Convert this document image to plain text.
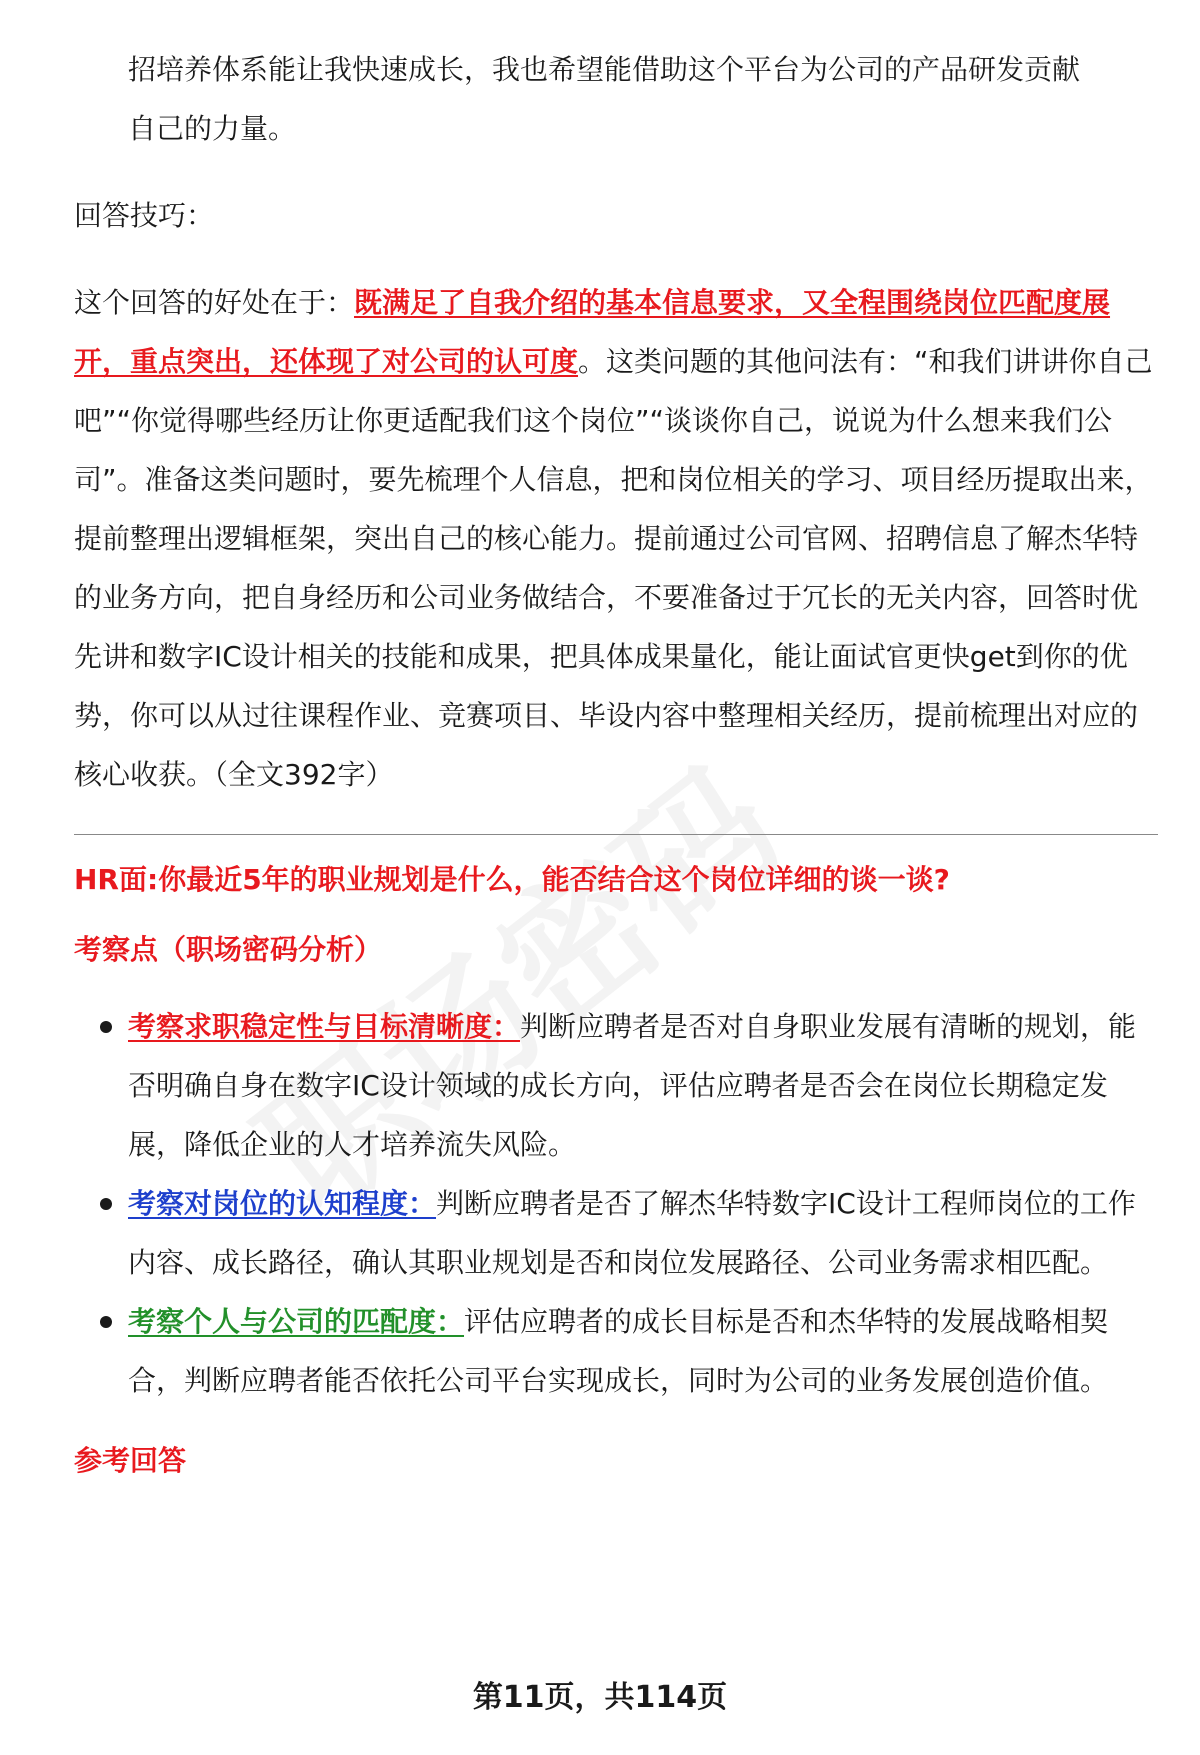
招培养体系能让我快速成长，我也希望能借助这个平台为公司的产品研发贡献
自己的力量。

回答技巧：

这个回答的好处在于：既满足了自我介绍的基本信息要求，又全程围绕岗位匹配度展开，重点突出，还体现了对公司的认可度。这类问题的其他问法有：“和我们讲讲你自己吧”“你觉得哪些经历让你更适配我们这个岗位”“谈谈你自己，说说为什么想来我们公司”。准备这类问题时，要先梳理个人信息，把和岗位相关的学习、项目经历提取出来，提前整理出逻辑框架，突出自己的核心能力。提前通过公司官网、招聘信息了解杰华特的业务方向，把自身经历和公司业务做结合，不要准备过于冗长的无关内容，回答时优先讲和数字IC设计相关的技能和成果，把具体成果量化，能让面试官更快get到你的优势，你可以从过往课程作业、竞赛项目、毕设内容中整理相关经历，提前梳理出对应的核心收获。（全文392字）

HR面:你最近5年的职业规划是什么，能否结合这个岗位详细的谈一谈?

考察点（职场密码分析）

考察求职稳定性与目标清晰度：判断应聘者是否对自身职业发展有清晰的规划，能否明确自身在数字IC设计领域的成长方向，评估应聘者是否会在岗位长期稳定发展，降低企业的人才培养流失风险。
考察对岗位的认知程度：判断应聘者是否了解杰华特数字IC设计工程师岗位的工作内容、成长路径，确认其职业规划是否和岗位发展路径、公司业务需求相匹配。
考察个人与公司的匹配度：评估应聘者的成长目标是否和杰华特的发展战略相契合，判断应聘者能否依托公司平台实现成长，同时为公司的业务发展创造价值。

参考回答

第11页，共114页
